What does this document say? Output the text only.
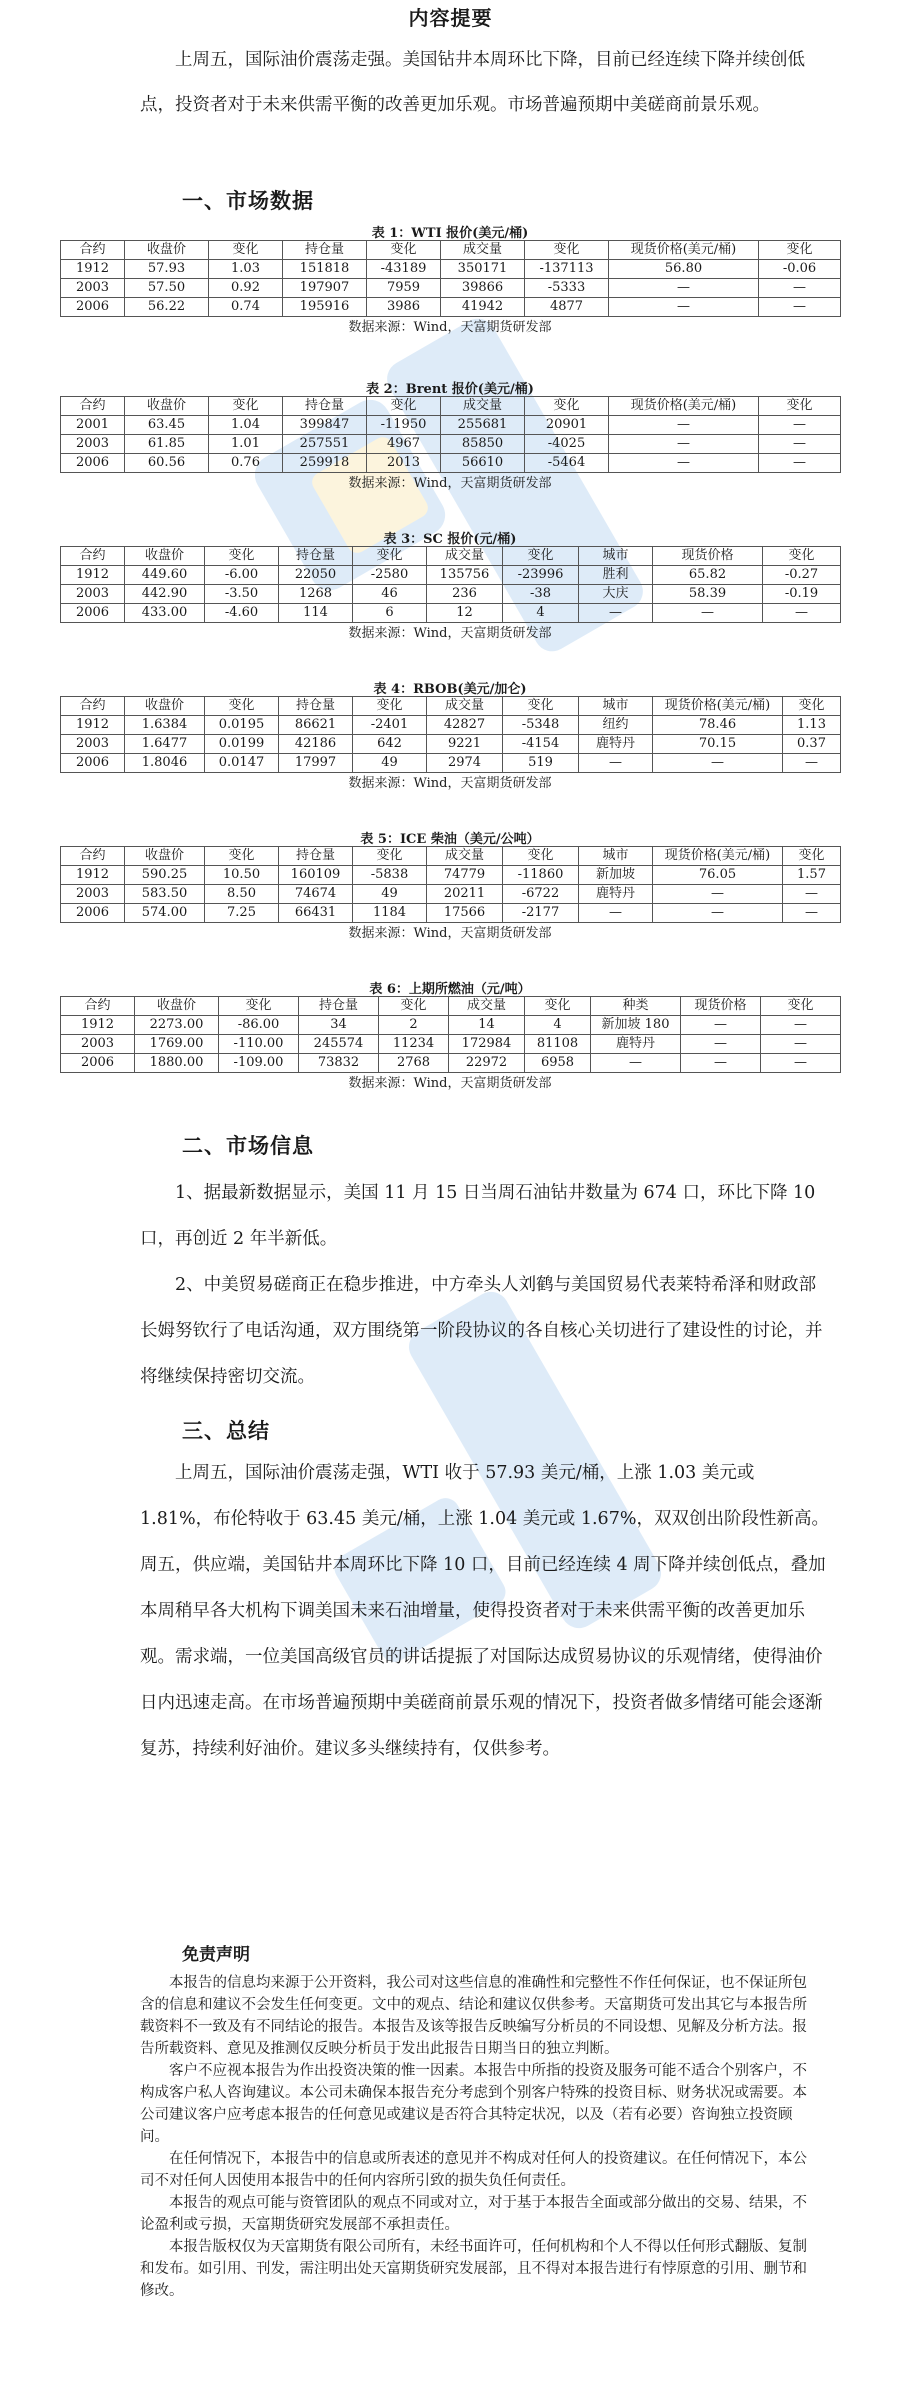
内容提要

上周五，国际油价震荡走强。美国钻井本周环比下降，目前已经连续下降并续创低点，投资者对于未来供需平衡的改善更加乐观。市场普遍预期中美磋商前景乐观。

一、市场数据
表 1：WTI 报价(美元/桶)
合约	收盘价	变化	持仓量	变化	成交量	变化	现货价格(美元/桶)	变化
1912	57.93	1.03	151818	-43189	350171	-137113	56.80	-0.06
2003	57.50	0.92	197907	7959	39866	-5333	—	—
2006	56.22	0.74	195916	3986	41942	4877	—	—
数据来源：Wind，天富期货研发部
表 2：Brent 报价(美元/桶)
合约	收盘价	变化	持仓量	变化	成交量	变化	现货价格(美元/桶)	变化
2001	63.45	1.04	399847	-11950	255681	20901	—	—
2003	61.85	1.01	257551	4967	85850	-4025	—	—
2006	60.56	0.76	259918	2013	56610	-5464	—	—
数据来源：Wind，天富期货研发部
表 3：SC 报价(元/桶)
合约	收盘价	变化	持仓量	变化	成交量	变化	城市	现货价格	变化
1912	449.60	-6.00	22050	-2580	135756	-23996	胜利	65.82	-0.27
2003	442.90	-3.50	1268	46	236	-38	大庆	58.39	-0.19
2006	433.00	-4.60	114	6	12	4	—	—	—
数据来源：Wind，天富期货研发部
表 4：RBOB(美元/加仑)
合约	收盘价	变化	持仓量	变化	成交量	变化	城市	现货价格(美元/桶)	变化
1912	1.6384	0.0195	86621	-2401	42827	-5348	纽约	78.46	1.13
2003	1.6477	0.0199	42186	642	9221	-4154	鹿特丹	70.15	0.37
2006	1.8046	0.0147	17997	49	2974	519	—	—	—
数据来源：Wind，天富期货研发部
表 5：ICE 柴油（美元/公吨）
合约	收盘价	变化	持仓量	变化	成交量	变化	城市	现货价格(美元/桶)	变化
1912	590.25	10.50	160109	-5838	74779	-11860	新加坡	76.05	1.57
2003	583.50	8.50	74674	49	20211	-6722	鹿特丹	—	—
2006	574.00	7.25	66431	1184	17566	-2177	—	—	—
数据来源：Wind，天富期货研发部
表 6：上期所燃油（元/吨）
合约	收盘价	变化	持仓量	变化	成交量	变化	种类	现货价格	变化
1912	2273.00	-86.00	34	2	14	4	新加坡 180	—	—
2003	1769.00	-110.00	245574	11234	172984	81108	鹿特丹	—	—
2006	1880.00	-109.00	73832	2768	22972	6958	—	—	—
数据来源：Wind，天富期货研发部
二、市场信息

1、据最新数据显示，美国 11 月 15 日当周石油钻井数量为 674 口，环比下降 10 口，再创近 2 年半新低。

2、中美贸易磋商正在稳步推进，中方牵头人刘鹤与美国贸易代表莱特希泽和财政部长姆努钦行了电话沟通，双方围绕第一阶段协议的各自核心关切进行了建设性的讨论，并将继续保持密切交流。

三、总结

上周五，国际油价震荡走强，WTI 收于 57.93 美元/桶，上涨 1.03 美元或 1.81%，布伦特收于 63.45 美元/桶，上涨 1.04 美元或 1.67%，双双创出阶段性新高。周五，供应端，美国钻井本周环比下降 10 口，目前已经连续 4 周下降并续创低点，叠加本周稍早各大机构下调美国未来石油增量，使得投资者对于未来供需平衡的改善更加乐观。需求端，一位美国高级官员的讲话提振了对国际达成贸易协议的乐观情绪，使得油价日内迅速走高。在市场普遍预期中美磋商前景乐观的情况下，投资者做多情绪可能会逐渐复苏，持续利好油价。建议多头继续持有，仅供参考。

免责声明

本报告的信息均来源于公开资料，我公司对这些信息的准确性和完整性不作任何保证，也不保证所包含的信息和建议不会发生任何变更。文中的观点、结论和建议仅供参考。天富期货可发出其它与本报告所载资料不一致及有不同结论的报告。本报告及该等报告反映编写分析员的不同设想、见解及分析方法。报告所载资料、意见及推测仅反映分析员于发出此报告日期当日的独立判断。

客户不应视本报告为作出投资决策的惟一因素。本报告中所指的投资及服务可能不适合个别客户，不构成客户私人咨询建议。本公司未确保本报告充分考虑到个别客户特殊的投资目标、财务状况或需要。本公司建议客户应考虑本报告的任何意见或建议是否符合其特定状况，以及（若有必要）咨询独立投资顾问。

在任何情况下，本报告中的信息或所表述的意见并不构成对任何人的投资建议。在任何情况下，本公司不对任何人因使用本报告中的任何内容所引致的损失负任何责任。

本报告的观点可能与资管团队的观点不同或对立，对于基于本报告全面或部分做出的交易、结果，不论盈利或亏损，天富期货研究发展部不承担责任。

本报告版权仅为天富期货有限公司所有，未经书面许可，任何机构和个人不得以任何形式翻版、复制和发布。如引用、刊发，需注明出处天富期货研究发展部，且不得对本报告进行有悖原意的引用、删节和修改。
